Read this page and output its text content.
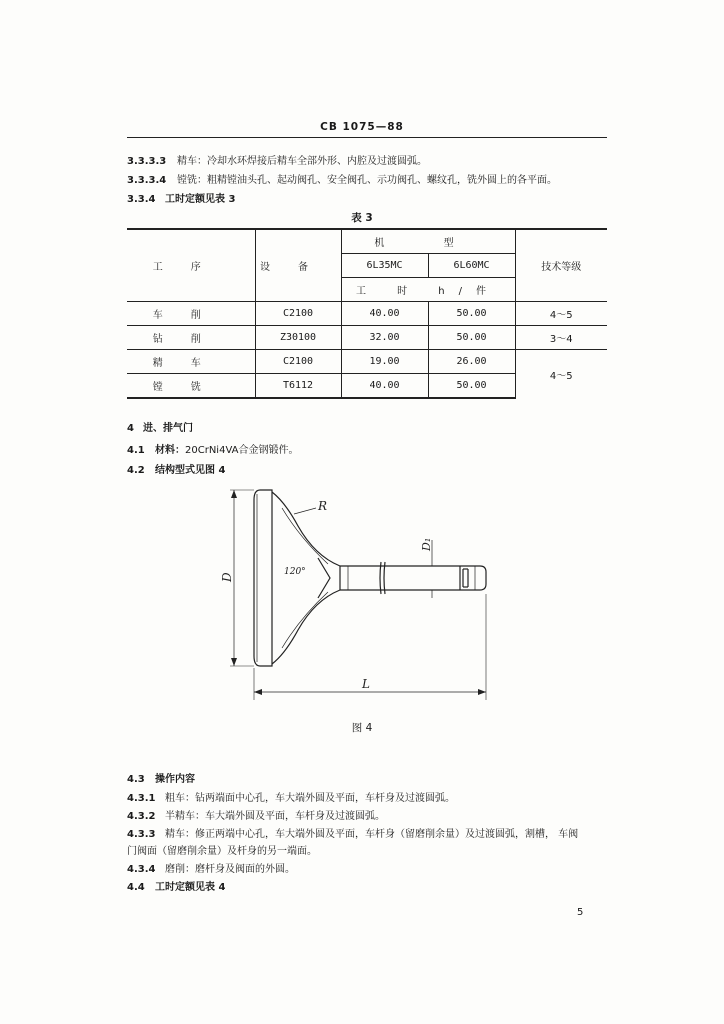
CB 1075—88
3.3.3.3 精车：冷却水环焊接后精车全部外形、内腔及过渡圆弧。
3.3.3.4 镗铣：粗精镗油头孔、起动阀孔、安全阀孔、示功阀孔、螺纹孔，铣外圆上的各平面。
3.3.4 工时定额见表 3
表 3
工序	设备	机 型		技术等级
		6L35MC	6L60MC	
		工 时 h/件		
车削	C2100	40.00	50.00	4～5
钻削	Z30100	32.00	50.00	3～4
精车	C2100	19.00	26.00	4～5
镗铣	T6112	40.00	50.00	
4 进、排气门
4.1 材料：20CrNi4VA合金钢锻件。
4.2 结构型式见图 4
R
120°
D₁
D
L
图 4
4.3 操作内容
4.3.1 粗车：钻两端面中心孔，车大端外圆及平面，车杆身及过渡圆弧。
4.3.2 半精车：车大端外圆及平面，车杆身及过渡圆弧。
4.3.3 精车：修正两端中心孔，车大端外圆及平面，车杆身（留磨削余量）及过渡圆弧，割槽， 车阀
门阀面（留磨削余量）及杆身的另一端面。
4.3.4 磨削：磨杆身及阀面的外圆。
4.4 工时定额见表 4
5
